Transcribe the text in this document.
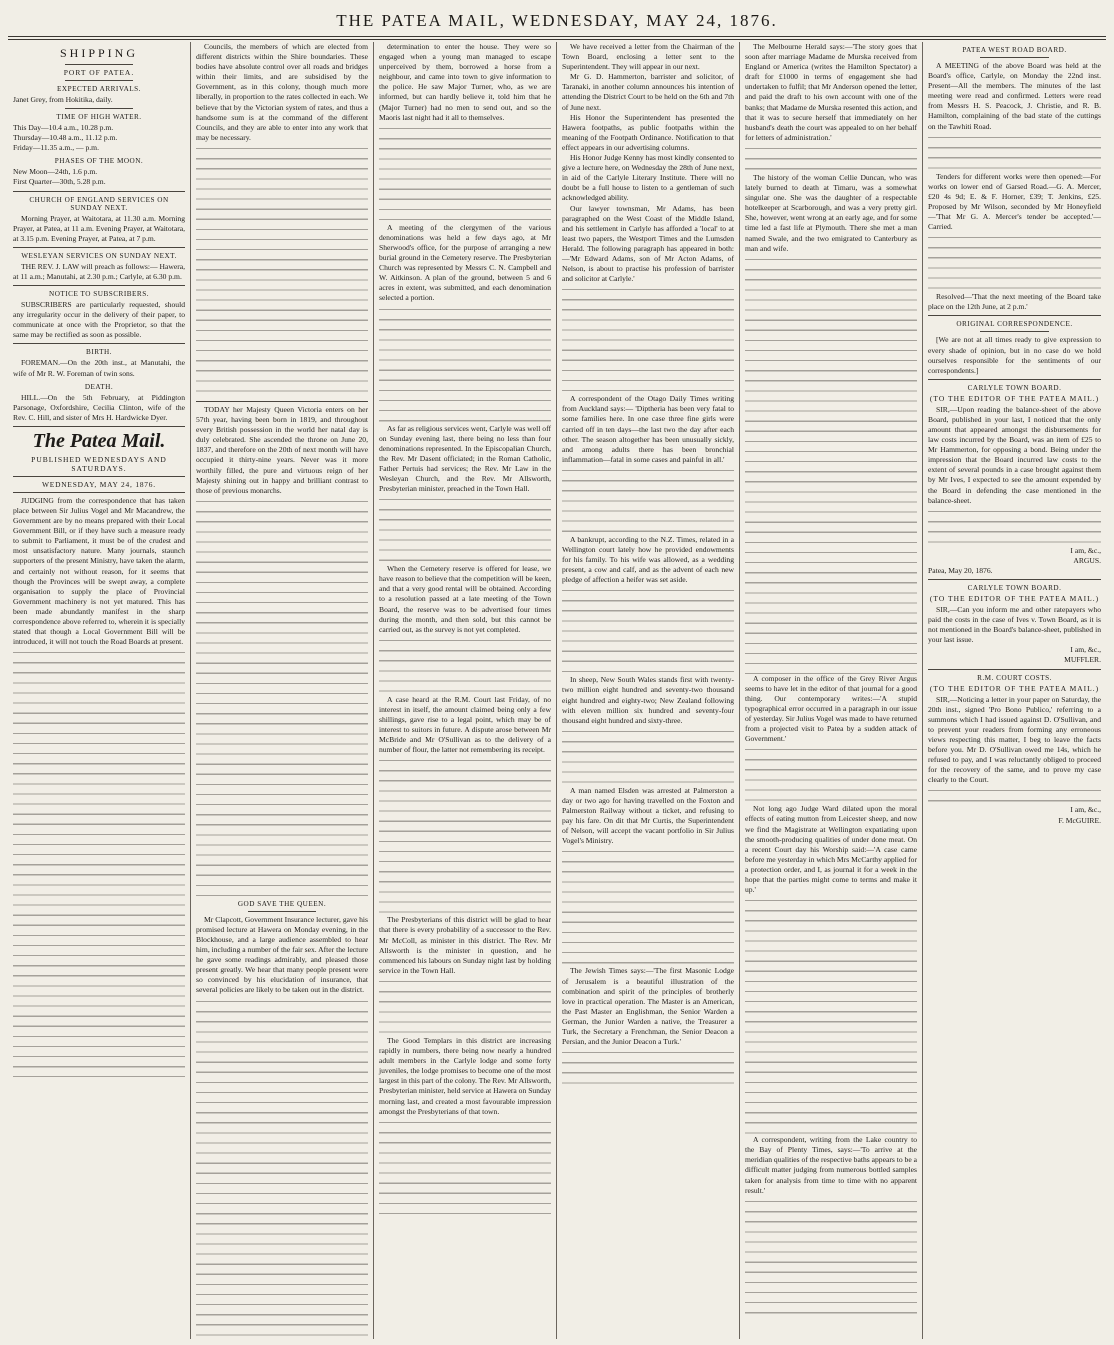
THE PATEA MAIL, WEDNESDAY, MAY 24, 1876.
SHIPPING
PORT OF PATEA.
EXPECTED ARRIVALS.

Janet Grey, from Hokitika, daily.

TIME OF HIGH WATER.

This Day—10.4 a.m., 10.28 p.m.

Thursday—10.48 a.m., 11.12 p.m.

Friday—11.35 a.m., — p.m.

PHASES OF THE MOON.

New Moon—24th, 1.6 p.m.

First Quarter—30th, 5.28 p.m.

CHURCH OF ENGLAND SERVICES ON SUNDAY NEXT.

Morning Prayer, at Waitotara, at 11.30 a.m. Morning Prayer, at Patea, at 11 a.m. Evening Prayer, at Waitotara, at 3.15 p.m. Evening Prayer, at Patea, at 7 p.m.

WESLEYAN SERVICES ON SUNDAY NEXT.

THE REV. J. LAW will preach as follows:— Hawera, at 11 a.m.; Manutahi, at 2.30 p.m.; Carlyle, at 6.30 p.m.

NOTICE TO SUBSCRIBERS.

SUBSCRIBERS are particularly requested, should any irregularity occur in the delivery of their paper, to communicate at once with the Proprietor, so that the same may be rectified as soon as possible.

BIRTH.

FOREMAN.—On the 20th inst., at Manutahi, the wife of Mr R. W. Foreman of twin sons.

DEATH.

HILL.—On the 5th February, at Piddington Parsonage, Oxfordshire, Cecilia Clinton, wife of the Rev. C. Hill, and sister of Mrs H. Hardwicke Dyer.

The Patea Mail.
PUBLISHED WEDNESDAYS AND SATURDAYS.
WEDNESDAY, MAY 24, 1876.

JUDGING from the correspondence that has taken place between Sir Julius Vogel and Mr Macandrew, the Government are by no means prepared with their Local Government Bill, or if they have such a measure ready to submit to Parliament, it must be of the crudest and most unsatisfactory nature. Many journals, staunch supporters of the present Ministry, have taken the alarm, and certainly not without reason, for it seems that though the Provinces will be swept away, a complete organisation to supply the place of Provincial Government machinery is not yet matured. This has been made abundantly manifest in the sharp correspondence above referred to, wherein it is specially stated that though a Local Government Bill will be introduced, it will not touch the Road Boards at present.

Councils, the members of which are elected from different districts within the Shire boundaries. These bodies have absolute control over all roads and bridges within their limits, and are subsidised by the Government, as in this colony, though much more liberally, in proportion to the rates collected in each. We believe that by the Victorian system of rates, and thus a handsome sum is at the command of the different Councils, and they are able to enter into any work that may be necessary.

TODAY her Majesty Queen Victoria enters on her 57th year, having been born in 1819, and throughout every British possession in the world her natal day is duly celebrated. She ascended the throne on June 20, 1837, and therefore on the 20th of next month will have occupied it thirty-nine years. Never was it more worthily filled, the pure and virtuous reign of her Majesty shining out in happy and brilliant contrast to those of previous monarchs.

GOD SAVE THE QUEEN.

Mr Clapcott, Government Insurance lecturer, gave his promised lecture at Hawera on Monday evening, in the Blockhouse, and a large audience assembled to hear him, including a number of the fair sex. After the lecture he gave some readings admirably, and pleased those present greatly. We hear that many people present were so convinced by his elucidation of insurance, that several policies are likely to be taken out in the district.

determination to enter the house. They were so engaged when a young man managed to escape unperceived by them, borrowed a horse from a neighbour, and came into town to give information to the police. He saw Major Turner, who, as we are informed, but can hardly believe it, told him that he (Major Turner) had no men to send out, and so the Maoris last night had it all to themselves.

A meeting of the clergymen of the various denominations was held a few days ago, at Mr Sherwood's office, for the purpose of arranging a new burial ground in the Cemetery reserve. The Presbyterian Church was represented by Messrs C. N. Campbell and W. Aitkinson. A plan of the ground, between 5 and 6 acres in extent, was submitted, and each denomination selected a portion.

As far as religious services went, Carlyle was well off on Sunday evening last, there being no less than four denominations represented. In the Episcopalian Church, the Rev. Mr Dasent officiated; in the Roman Catholic, Father Pertuis had services; the Rev. Mr Law in the Wesleyan Church, and the Rev. Mr Allsworth, Presbyterian minister, preached in the Town Hall.

When the Cemetery reserve is offered for lease, we have reason to believe that the competition will be keen, and that a very good rental will be obtained. According to a resolution passed at a late meeting of the Town Board, the reserve was to be advertised four times during the month, and then sold, but this cannot be carried out, as the survey is not yet completed.

A case heard at the R.M. Court last Friday, of no interest in itself, the amount claimed being only a few shillings, gave rise to a legal point, which may be of interest to suitors in future. A dispute arose between Mr McBride and Mr O'Sullivan as to the delivery of a number of flour, the latter not remembering its receipt.

The Presbyterians of this district will be glad to hear that there is every probability of a successor to the Rev. Mr McColl, as minister in this district. The Rev. Mr Allsworth is the minister in question, and he commenced his labours on Sunday night last by holding service in the Town Hall.

The Good Templars in this district are increasing rapidly in numbers, there being now nearly a hundred adult members in the Carlyle lodge and some forty juveniles, the lodge promises to become one of the most largest in this part of the colony. The Rev. Mr Allsworth, Presbyterian minister, held service at Hawera on Sunday morning last, and created a most favourable impression amongst the Presbyterians of that town.

We have received a letter from the Chairman of the Town Board, enclosing a letter sent to the Superintendent. They will appear in our next.

Mr G. D. Hammerton, barrister and solicitor, of Taranaki, in another column announces his intention of attending the District Court to be held on the 6th and 7th of June next.

His Honor the Superintendent has presented the Hawera footpaths, as public footpaths within the meaning of the Footpath Ordinance. Notification to that effect appears in our advertising columns.

His Honor Judge Kenny has most kindly consented to give a lecture here, on Wednesday the 28th of June next, in aid of the Carlyle Literary Institute. There will no doubt be a full house to listen to a gentleman of such acknowledged ability.

Our lawyer townsman, Mr Adams, has been paragraphed on the West Coast of the Middle Island, and his settlement in Carlyle has afforded a 'local' to at least two papers, the Westport Times and the Lumsden Herald. The following paragraph has appeared in both:—'Mr Edward Adams, son of Mr Acton Adams, of Nelson, is about to practise his profession of barrister and solicitor at Carlyle.'

A correspondent of the Otago Daily Times writing from Auckland says:— 'Diptheria has been very fatal to some families here. In one case three fine girls were carried off in ten days—the last two the day after each other. The season altogether has been unusually sickly, and among adults there has been bronchial inflammation—fatal in some cases and painful in all.'

A bankrupt, according to the N.Z. Times, related in a Wellington court lately how he provided endowments for his family. To his wife was allowed, as a wedding present, a cow and calf, and as the advent of each new pledge of affection a heifer was set aside.

In sheep, New South Wales stands first with twenty-two million eight hundred and seventy-two thousand eight hundred and eighty-two; New Zealand following with eleven million six hundred and seventy-four thousand eight hundred and sixty-three.

A man named Elsden was arrested at Palmerston a day or two ago for having travelled on the Foxton and Palmerston Railway without a ticket, and refusing to pay his fare. On dit that Mr Curtis, the Superintendent of Nelson, will accept the vacant portfolio in Sir Julius Vogel's Ministry.

The Jewish Times says:—'The first Masonic Lodge of Jerusalem is a beautiful illustration of the combination and spirit of the principles of brotherly love in practical operation. The Master is an American, the Past Master an Englishman, the Senior Warden a German, the Junior Warden a native, the Treasurer a Turk, the Secretary a Frenchman, the Senior Deacon a Persian, and the Junior Deacon a Turk.'

The Melbourne Herald says:—'The story goes that soon after marriage Madame de Murska received from England or America (writes the Hamilton Spectator) a draft for £1000 in terms of engagement she had undertaken to fulfil; that Mr Anderson opened the letter, and paid the draft to his own account with one of the banks; that Madame de Murska resented this action, and that it was to secure herself that immediately on her husband's death the court was appealed to on her behalf for letters of administration.'

The history of the woman Cellie Duncan, who was lately burned to death at Timaru, was a somewhat singular one. She was the daughter of a respectable hotelkeeper at Scarborough, and was a very pretty girl. She, however, went wrong at an early age, and for some time led a fast life at Plymouth. There she met a man named Swale, and the two emigrated to Canterbury as man and wife.

A composer in the office of the Grey River Argus seems to have let in the editor of that journal for a good thing. Our contemporary writes:—'A stupid typographical error occurred in a paragraph in our issue of yesterday. Sir Julius Vogel was made to have returned from a projected visit to Patea by a sudden attack of Government.'

Not long ago Judge Ward dilated upon the moral effects of eating mutton from Leicester sheep, and now we find the Magistrate at Wellington expatiating upon the smooth-producing qualities of under done meat. On a recent Court day his Worship said:—'A case came before me yesterday in which Mrs McCarthy applied for a protection order, and I, as journal it for a week in the hope that the parties might come to terms and make it up.'

A correspondent, writing from the Lake country to the Bay of Plenty Times, says:—'To arrive at the meridian qualities of the respective baths appears to be a difficult matter judging from numerous bottled samples taken for analysis from time to time with no apparent result.'

PATEA WEST ROAD BOARD.

A MEETING of the above Board was held at the Board's office, Carlyle, on Monday the 22nd inst. Present—All the members. The minutes of the last meeting were read and confirmed. Letters were read from Messrs H. S. Peacock, J. Christie, and R. B. Hamilton, complaining of the bad state of the cuttings on the Tawhiti Road.

Tenders for different works were then opened:—For works on lower end of Garsed Road.—G. A. Mercer, £20 4s 9d; E. & F. Horner, £39; T. Jenkins, £25. Proposed by Mr Wilson, seconded by Mr Honeyfield—'That Mr G. A. Mercer's tender be accepted.'—Carried.

Resolved—'That the next meeting of the Board take place on the 12th June, at 2 p.m.'

ORIGINAL CORRESPONDENCE.

[We are not at all times ready to give expression to every shade of opinion, but in no case do we hold ourselves responsible for the sentiments of our correspondents.]

CARLYLE TOWN BOARD.
(TO THE EDITOR OF THE PATEA MAIL.)

SIR,—Upon reading the balance-sheet of the above Board, published in your last, I noticed that the only amount that appeared amongst the disbursements for law costs incurred by the Board, was an item of £25 to Mr Hammerton, for opposing a bond. Being under the impression that the Board incurred law costs to the extent of several pounds in a case brought against them by Mr Ives, I expected to see the amount expended by the Board in defending the case mentioned in the balance-sheet.

I am, &c.,

ARGUS.

Patea, May 20, 1876.

CARLYLE TOWN BOARD.
(TO THE EDITOR OF THE PATEA MAIL.)

SIR,—Can you inform me and other ratepayers who paid the costs in the case of Ives v. Town Board, as it is not mentioned in the Board's balance-sheet, published in your last issue.

I am, &c.,

MUFFLER.

R.M. COURT COSTS.
(TO THE EDITOR OF THE PATEA MAIL.)

SIR,—Noticing a letter in your paper on Saturday, the 20th inst., signed 'Pro Bono Publico,' referring to a summons which I had issued against D. O'Sullivan, and to prevent your readers from forming any erroneous views respecting this matter, I beg to leave the facts before you. Mr D. O'Sullivan owed me 14s, which he refused to pay, and I was reluctantly obliged to proceed for the recovery of the same, and to prove my case clearly to the Court.

I am, &c.,

F. McGUIRE.
